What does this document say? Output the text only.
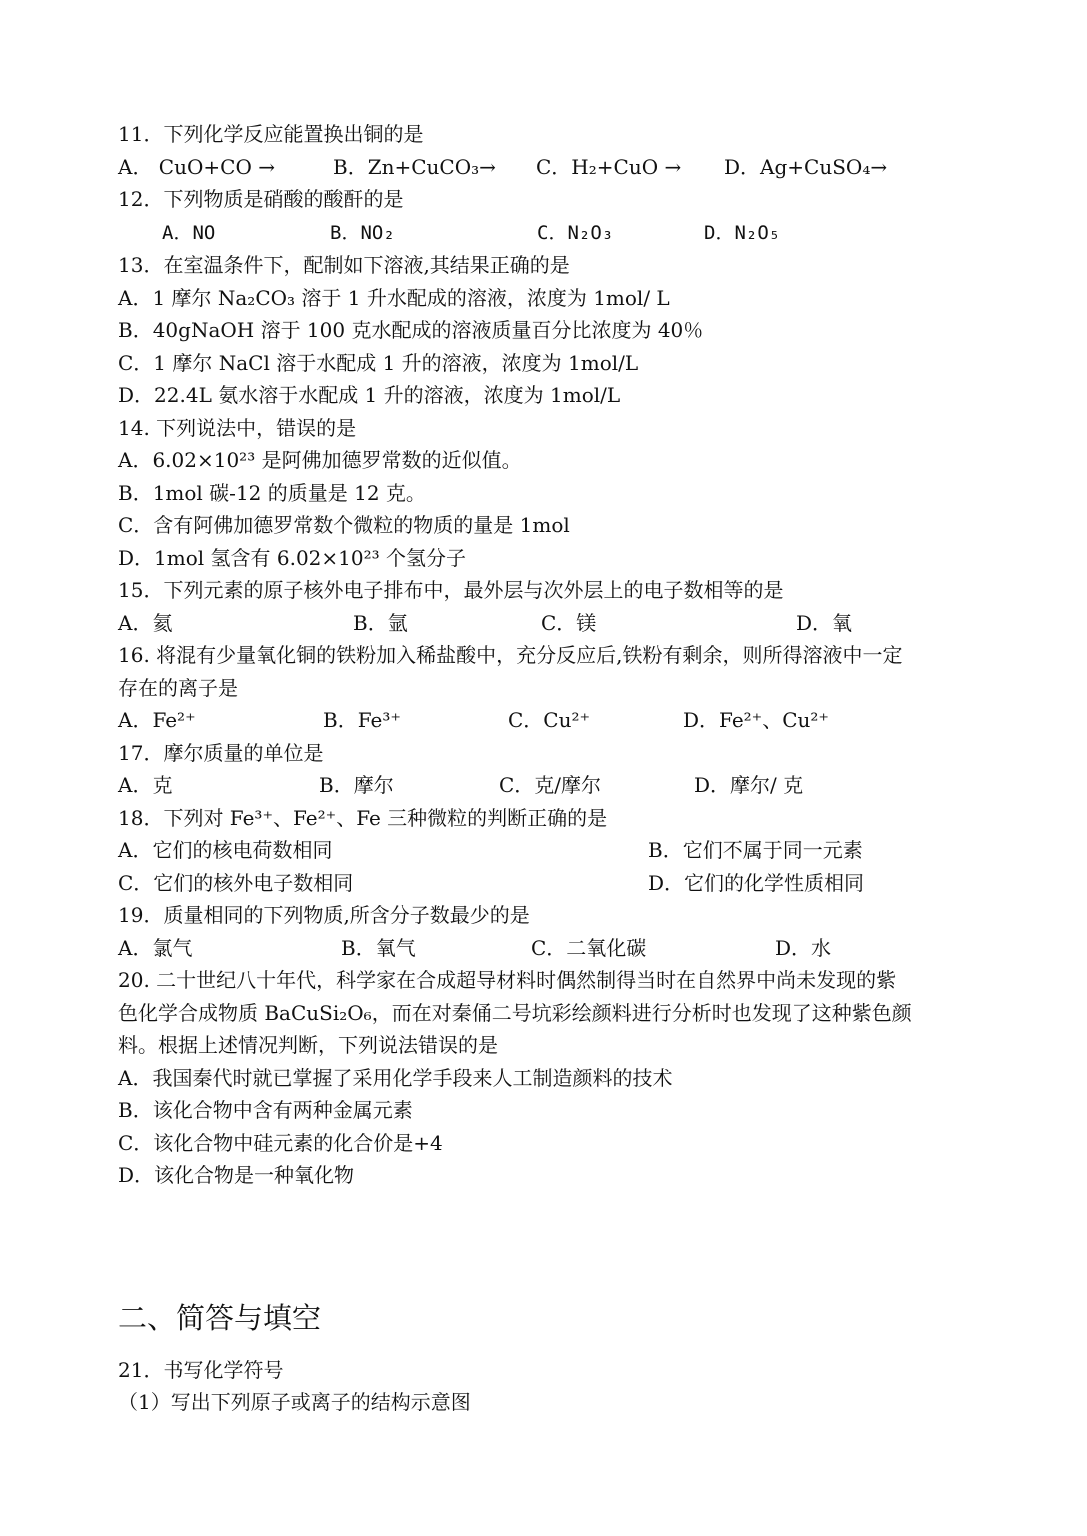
11．下列化学反应能置换出铜的是
A． CuO+CO →	B．Zn+CuCO₃→ C．H₂+CuO → D．Ag+CuSO₄→
12．下列物质是硝酸的酸酐的是
A．NO	B．NO₂	C．N₂O₃	D．N₂O₅
13．在室温条件下，配制如下溶液,其结果正确的是
A．1 摩尔 Na₂CO₃ 溶于 1 升水配成的溶液，浓度为 1mol/ L
B．40gNaOH 溶于 100 克水配成的溶液质量百分比浓度为 40％
C．1 摩尔 NaCl 溶于水配成 1 升的溶液，浓度为 1mol/L
D．22.4L 氨水溶于水配成 1 升的溶液，浓度为 1mol/L
14. 下列说法中，错误的是
A．6.02×10²³ 是阿佛加德罗常数的近似值。
B．1mol 碳-12 的质量是 12 克。
C．含有阿佛加德罗常数个微粒的物质的量是 1mol
D．1mol 氢含有 6.02×10²³ 个氢分子
15．下列元素的原子核外电子排布中，最外层与次外层上的电子数相等的是
A．氦	B．氩	C．镁	D．氧
16. 将混有少量氧化铜的铁粉加入稀盐酸中，充分反应后,铁粉有剩余，则所得溶液中一定
存在的离子是
A．Fe²⁺	B．Fe³⁺	C．Cu²⁺	D．Fe²⁺、Cu²⁺
17．摩尔质量的单位是
A．克	B．摩尔	C．克/摩尔	D．摩尔/ 克
18．下列对 Fe³⁺、Fe²⁺、Fe 三种微粒的判断正确的是
A．它们的核电荷数相同	B．它们不属于同一元素
C．它们的核外电子数相同	D．它们的化学性质相同
19．质量相同的下列物质,所含分子数最少的是
A．氯气	B．氧气	C．二氧化碳	D．水
20. 二十世纪八十年代，科学家在合成超导材料时偶然制得当时在自然界中尚未发现的紫
色化学合成物质 BaCuSi₂O₆，而在对秦俑二号坑彩绘颜料进行分析时也发现了这种紫色颜
料。根据上述情况判断，下列说法错误的是
A．我国秦代时就已掌握了采用化学手段来人工制造颜料的技术
B．该化合物中含有两种金属元素
C．该化合物中硅元素的化合价是+4
D．该化合物是一种氧化物
二、简答与填空
21．书写化学符号
（1）写出下列原子或离子的结构示意图
